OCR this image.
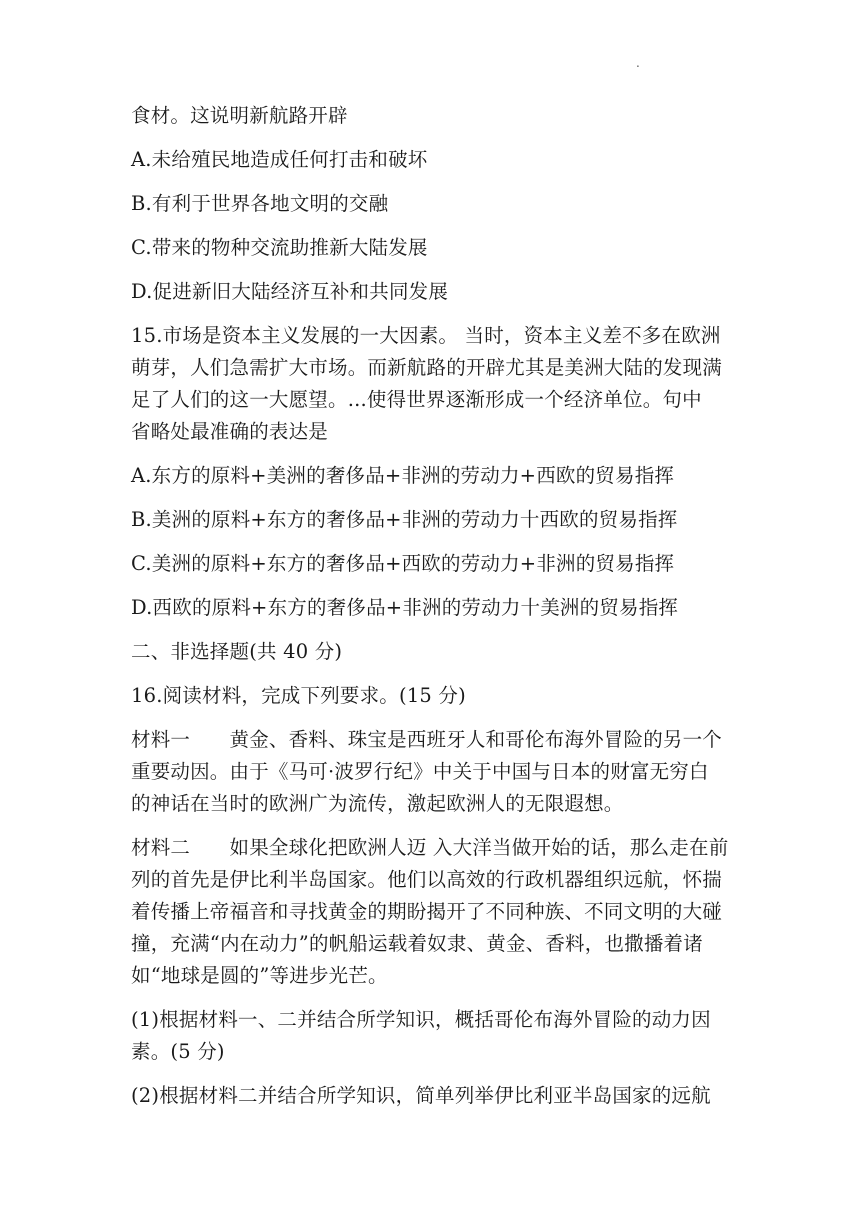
.
食材。这说明新航路开辟
A.未给殖民地造成任何打击和破坏
B.有利于世界各地文明的交融
C.带来的物种交流助推新大陆发展
D.促进新旧大陆经济互补和共同发展
15.市场是资本主义发展的一大因素。 当时，资本主义差不多在欧洲
萌芽，人们急需扩大市场。而新航路的开辟尤其是美洲大陆的发现满
足了人们的这一大愿望。...使得世界逐渐形成一个经济单位。句中
省略处最准确的表达是
A.东方的原料+美洲的奢侈品+非洲的劳动力+西欧的贸易指挥
B.美洲的原料+东方的奢侈品+非洲的劳动力十西欧的贸易指挥
C.美洲的原料+东方的奢侈品+西欧的劳动力+非洲的贸易指挥
D.西欧的原料+东方的奢侈品+非洲的劳动力十美洲的贸易指挥
二、非选择题(共 40 分)
16.阅读材料，完成下列要求。(15 分)
材料一　　黄金、香料、珠宝是西班牙人和哥伦布海外冒险的另一个
重要动因。由于《马可·波罗行纪》中关于中国与日本的财富无穷白
的神话在当时的欧洲广为流传，激起欧洲人的无限遐想。
材料二　　如果全球化把欧洲人迈 入大洋当做开始的话，那么走在前
列的首先是伊比利半岛国家。他们以高效的行政机器组织远航，怀揣
着传播上帝福音和寻找黄金的期盼揭开了不同种族、不同文明的大碰
撞，充满“内在动力”的帆船运载着奴隶、黄金、香料，也撒播着诸
如“地球是圆的”等进步光芒。
(1)根据材料一、二并结合所学知识，概括哥伦布海外冒险的动力因
素。(5 分)
(2)根据材料二并结合所学知识，简单列举伊比利亚半岛国家的远航
